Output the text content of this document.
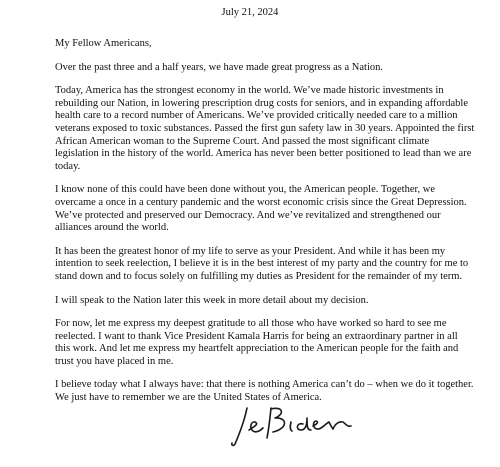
July 21, 2024

My Fellow Americans,

Over the past three and a half years, we have made great progress as a Nation.

Today, America has the strongest economy in the world. We’ve made historic investments in rebuilding our Nation, in lowering prescription drug costs for seniors, and in expanding affordable health care to a record number of Americans. We’ve provided critically needed care to a million veterans exposed to toxic substances. Passed the first gun safety law in 30 years. Appointed the first African American woman to the Supreme Court. And passed the most significant climate legislation in the history of the world. America has never been better positioned to lead than we are today.

I know none of this could have been done without you, the American people. Together, we overcame a once in a century pandemic and the worst economic crisis since the Great Depression. We’ve protected and preserved our Democracy. And we’ve revitalized and strengthened our alliances around the world.

It has been the greatest honor of my life to serve as your President. And while it has been my intention to seek reelection, I believe it is in the best interest of my party and the country for me to stand down and to focus solely on fulfilling my duties as President for the remainder of my term.

I will speak to the Nation later this week in more detail about my decision.

For now, let me express my deepest gratitude to all those who have worked so hard to see me reelected. I want to thank Vice President Kamala Harris for being an extraordinary partner in all this work. And let me express my heartfelt appreciation to the American people for the faith and trust you have placed in me.

I believe today what I always have: that there is nothing America can’t do – when we do it together. We just have to remember we are the United States of America.
